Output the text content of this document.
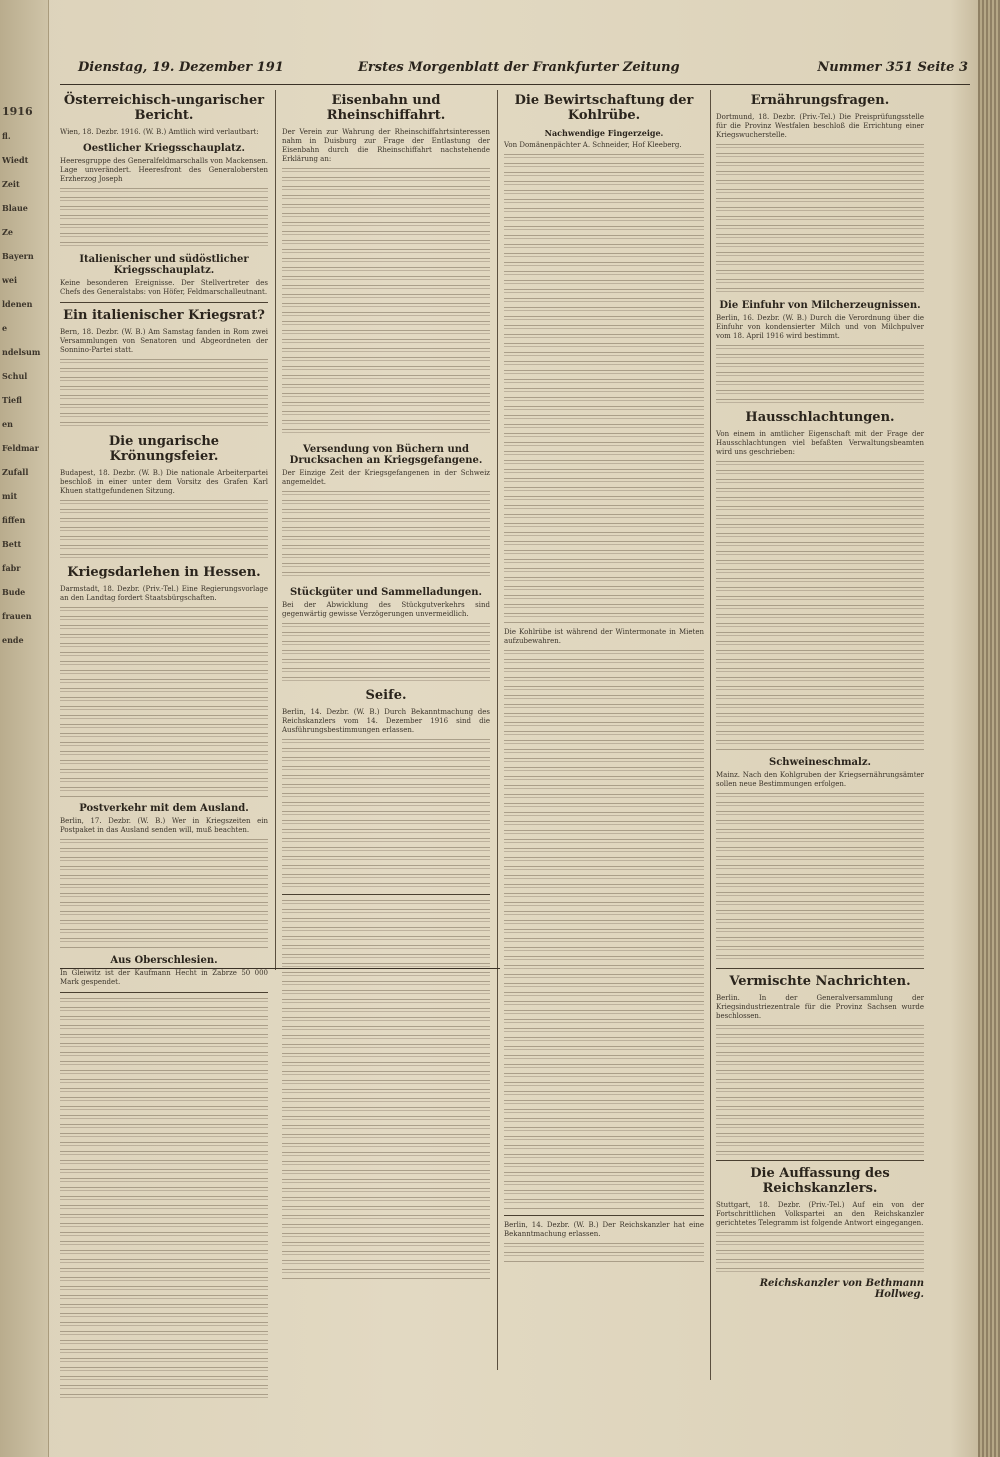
1916
fl.
Wiedt
Zeit
Blaue
Ze
Bayern
wei
ldenen
e
ndelsum
Schul
Tiefl
en
Feldmar
Zufall
mit
fiffen
Bett
fabr
Bude
frauen
ende
Dienstag, 19. Dezember 191	Erstes Morgenblatt der Frankfurter Zeitung	Nummer 351 Seite 3
Österreichisch-ungarischer Bericht.

Wien, 18. Dezbr. 1916. (W. B.) Amtlich wird verlautbart:

Oestlicher Kriegsschauplatz.

Heeresgruppe des Generalfeldmarschalls von Mackensen. Lage unverändert. Heeresfront des Generalobersten Erzherzog Joseph

Italienischer und südöstlicher Kriegsschauplatz.

Keine besonderen Ereignisse. Der Stellvertreter des Chefs des Generalstabs: von Höfer, Feldmarschalleutnant.

Ein italienischer Kriegsrat?

Bern, 18. Dezbr. (W. B.) Am Samstag fanden in Rom zwei Versammlungen von Senatoren und Abgeordneten der Sonnino-Partei statt.

Die ungarische Krönungsfeier.

Budapest, 18. Dezbr. (W. B.) Die nationale Arbeiterpartei beschloß in einer unter dem Vorsitz des Grafen Karl Khuen stattgefundenen Sitzung.

Kriegsdarlehen in Hessen.

Darmstadt, 18. Dezbr. (Priv.-Tel.) Eine Regierungsvorlage an den Landtag fordert Staatsbürgschaften.

Postverkehr mit dem Ausland.

Berlin, 17. Dezbr. (W. B.) Wer in Kriegszeiten ein Postpaket in das Ausland senden will, muß beachten.

Aus Oberschlesien.

In Gleiwitz ist der Kaufmann Hecht in Zabrze 50 000 Mark gespendet.

Eisenbahn und Rheinschiffahrt.

Der Verein zur Wahrung der Rheinschiffahrtsinteressen nahm in Duisburg zur Frage der Entlastung der Eisenbahn durch die Rheinschiffahrt nachstehende Erklärung an:

Versendung von Büchern und Drucksachen an Kriegsgefangene.

Der Einzige Zeit der Kriegsgefangenen in der Schweiz angemeldet.

Stückgüter und Sammelladungen.

Bei der Abwicklung des Stückgutverkehrs sind gegenwärtig gewisse Verzögerungen unvermeidlich.

Seife.

Berlin, 14. Dezbr. (W. B.) Durch Bekanntmachung des Reichskanzlers vom 14. Dezember 1916 sind die Ausführungsbestimmungen erlassen.

Die Bewirtschaftung der Kohlrübe.
Nachwendige Fingerzeige.

Von Domänenpächter A. Schneider, Hof Kleeberg.

Die Kohlrübe ist während der Wintermonate in Mieten aufzubewahren.

Berlin, 14. Dezbr. (W. B.) Der Reichskanzler hat eine Bekanntmachung erlassen.

Ernährungsfragen.

Dortmund, 18. Dezbr. (Priv.-Tel.) Die Preisprüfungsstelle für die Provinz Westfalen beschloß die Errichtung einer Kriegswucherstelle.

Die Einfuhr von Milcherzeugnissen.

Berlin, 16. Dezbr. (W. B.) Durch die Verordnung über die Einfuhr von kondensierter Milch und von Milchpulver vom 18. April 1916 wird bestimmt.

Hausschlachtungen.

Von einem in amtlicher Eigenschaft mit der Frage der Hausschlachtungen viel befaßten Verwaltungsbeamten wird uns geschrieben:

Schweineschmalz.

Mainz. Nach den Kohlgruben der Kriegsernährungsämter sollen neue Bestimmungen erfolgen.

Vermischte Nachrichten.

Berlin. In der Generalversammlung der Kriegsindustriezentrale für die Provinz Sachsen wurde beschlossen.

Die Auffassung des Reichskanzlers.

Stuttgart, 18. Dezbr. (Priv.-Tel.) Auf ein von der Fortschrittlichen Volkspartei an den Reichskanzler gerichtetes Telegramm ist folgende Antwort eingegangen.

Reichskanzler von Bethmann Hollweg.
